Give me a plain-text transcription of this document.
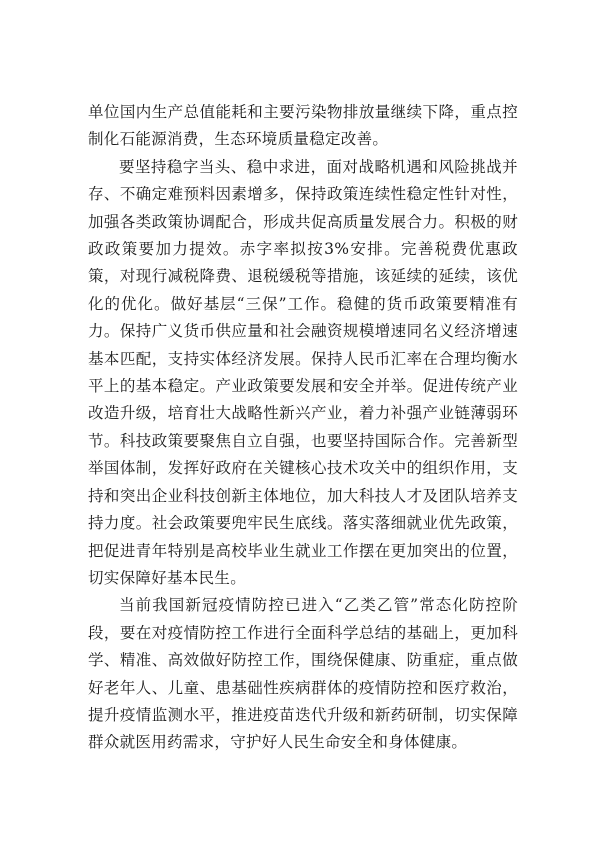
单位国内生产总值能耗和主要污染物排放量继续下降，重点控制化石能源消费，生态环境质量稳定改善。

要坚持稳字当头、稳中求进，面对战略机遇和风险挑战并存、不确定难预料因素增多，保持政策连续性稳定性针对性，加强各类政策协调配合，形成共促高质量发展合力。积极的财政政策要加力提效。赤字率拟按3%安排。完善税费优惠政策，对现行减税降费、退税缓税等措施，该延续的延续，该优化的优化。做好基层“三保”工作。稳健的货币政策要精准有力。保持广义货币供应量和社会融资规模增速同名义经济增速基本匹配，支持实体经济发展。保持人民币汇率在合理均衡水平上的基本稳定。产业政策要发展和安全并举。促进传统产业改造升级，培育壮大战略性新兴产业，着力补强产业链薄弱环节。科技政策要聚焦自立自强，也要坚持国际合作。完善新型举国体制，发挥好政府在关键核心技术攻关中的组织作用，支持和突出企业科技创新主体地位，加大科技人才及团队培养支持力度。社会政策要兜牢民生底线。落实落细就业优先政策，把促进青年特别是高校毕业生就业工作摆在更加突出的位置，切实保障好基本民生。

当前我国新冠疫情防控已进入“乙类乙管”常态化防控阶段，要在对疫情防控工作进行全面科学总结的基础上，更加科学、精准、高效做好防控工作，围绕保健康、防重症，重点做好老年人、儿童、患基础性疾病群体的疫情防控和医疗救治，提升疫情监测水平，推进疫苗迭代升级和新药研制，切实保障群众就医用药需求，守护好人民生命安全和身体健康。
